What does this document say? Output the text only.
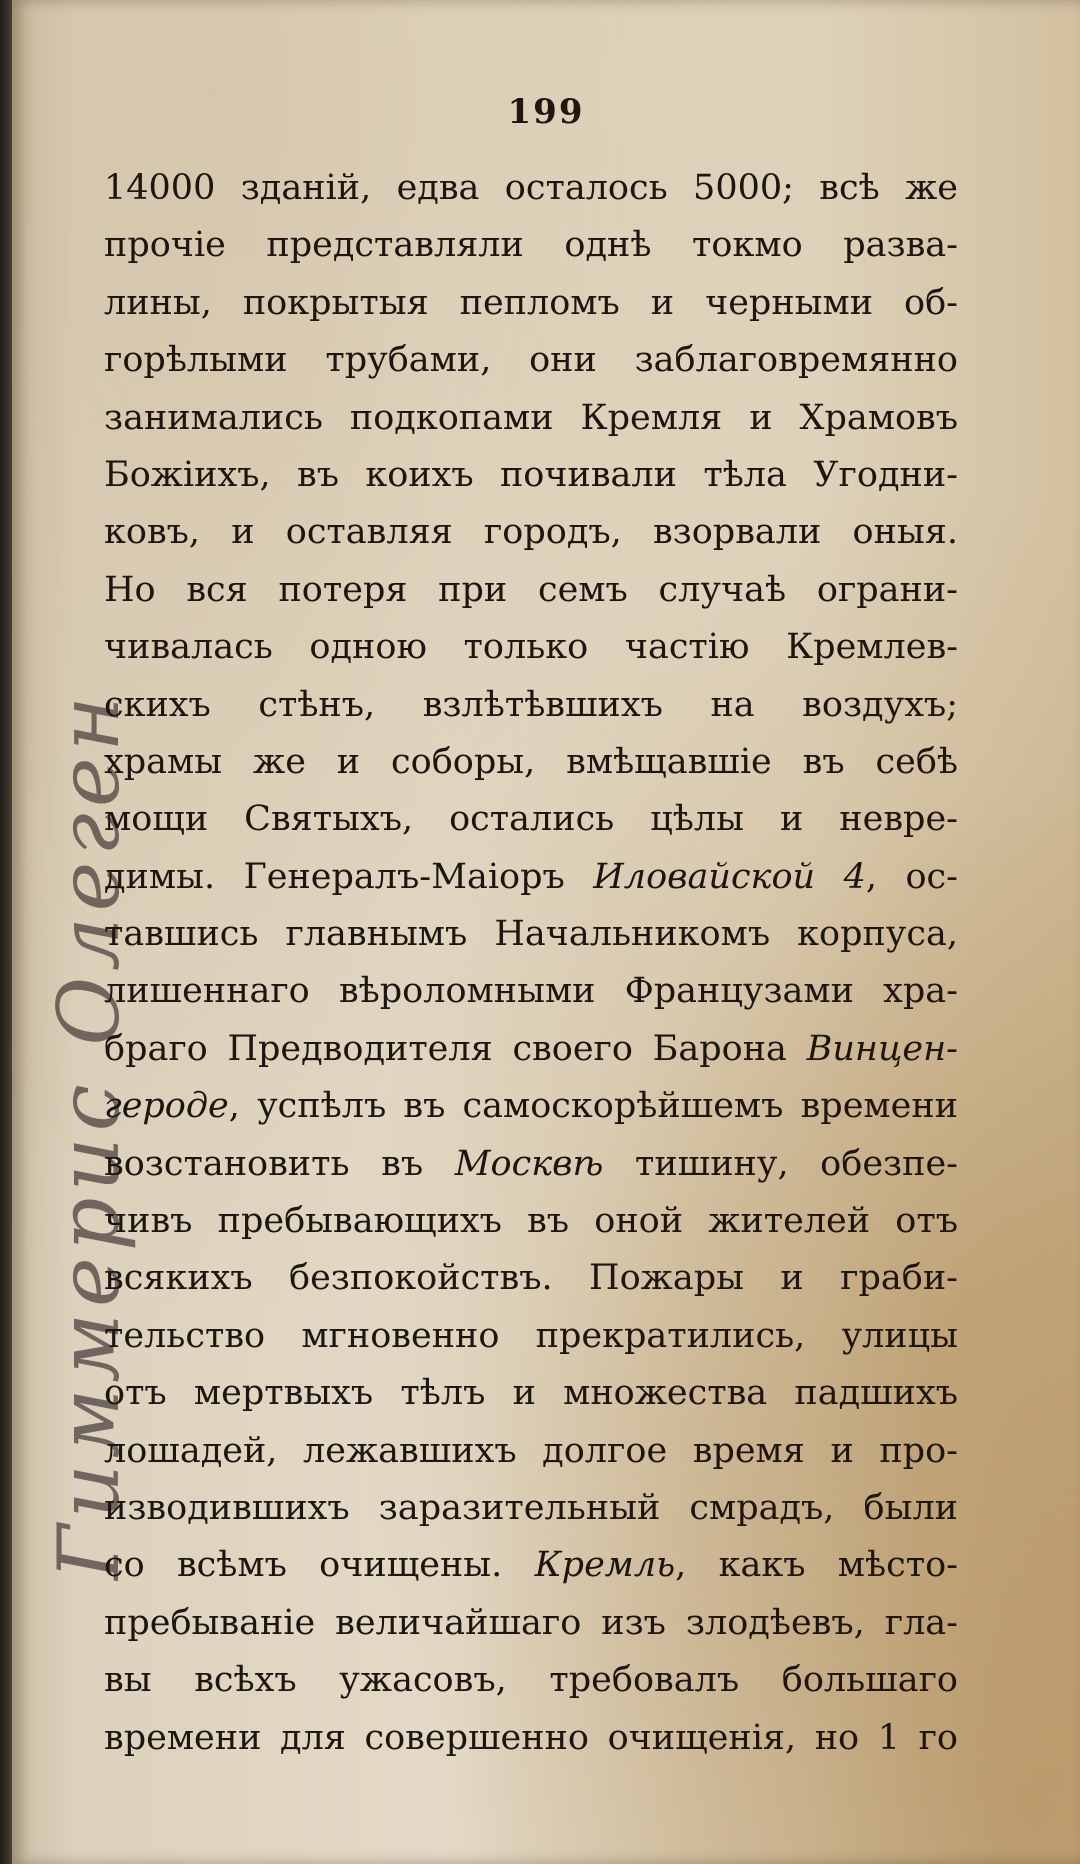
199
Гиммерис Олеген
14000 зданій, едва осталось 5000; всѣ же
прочіе представляли однѣ токмо разва-
лины, покрытыя пепломъ и черными об-
горѣлыми трубами, они заблаговремянно
занимались подкопами Кремля и Храмовъ
Божіихъ, въ коихъ почивали тѣла Угодни-
ковъ, и оставляя городъ, взорвали оныя.
Но вся потеря при семъ случаѣ ограни-
чивалась одною только частію Кремлев-
скихъ стѣнъ, взлѣтѣвшихъ на воздухъ;
храмы же и соборы, вмѣщавшіе въ себѣ
мощи Святыхъ, остались цѣлы и невре-
димы. Генералъ-Маіоръ Иловайской 4, ос-
тавшись главнымъ Начальникомъ корпуса,
лишеннаго вѣроломными Французами хра-
браго Предводителя своего Барона Винцен-
героде, успѣлъ въ самоскорѣйшемъ времени
возстановить въ Москвѣ тишину, обезпе-
чивъ пребывающихъ въ оной жителей отъ
всякихъ безпокойствъ. Пожары и граби-
тельство мгновенно прекратились, улицы
отъ мертвыхъ тѣлъ и множества падшихъ
лошадей, лежавшихъ долгое время и про-
изводившихъ заразительный смрадъ, были
со всѣмъ очищены. Кремль, какъ мѣсто-
пребываніе величайшаго изъ злодѣевъ, гла-
вы всѣхъ ужасовъ, требовалъ большаго
времени для совершенно очищенія, но 1 го
